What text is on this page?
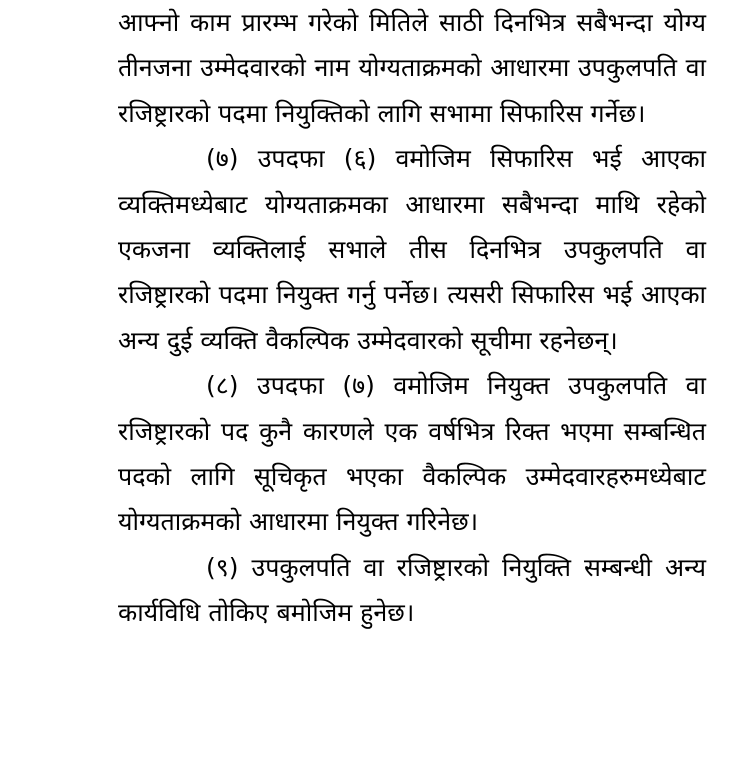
आफ्नो काम प्रारम्भ गरेको मितिले साठी दिनभित्र सबैभन्दा योग्य तीनजना उम्मेदवारको नाम योग्यताक्रमको आधारमा उपकुलपति वा रजिष्ट्रारको पदमा नियुक्तिको लागि सभामा सिफारिस गर्नेछ।

(७) उपदफा (६) वमोजिम सिफारिस भई आएका व्यक्तिमध्येबाट योग्यताक्रमका आधारमा सबैभन्दा माथि रहेको एकजना व्यक्तिलाई सभाले तीस दिनभित्र उपकुलपति वा रजिष्ट्रारको पदमा नियुक्त गर्नु पर्नेछ। त्यसरी सिफारिस भई आएका अन्य दुई व्यक्ति वैकल्पिक उम्मेदवारको सूचीमा रहनेछन्।

(८) उपदफा (७) वमोजिम नियुक्त उपकुलपति वा रजिष्ट्रारको पद कुनै कारणले एक वर्षभित्र रिक्त भएमा सम्बन्धित पदको लागि सूचिकृत भएका वैकल्पिक उम्मेदवारहरुमध्येबाट योग्यताक्रमको आधारमा नियुक्त गरिनेछ।

(९) उपकुलपति वा रजिष्ट्रारको नियुक्ति सम्बन्धी अन्य कार्यविधि तोकिए बमोजिम हुनेछ।
